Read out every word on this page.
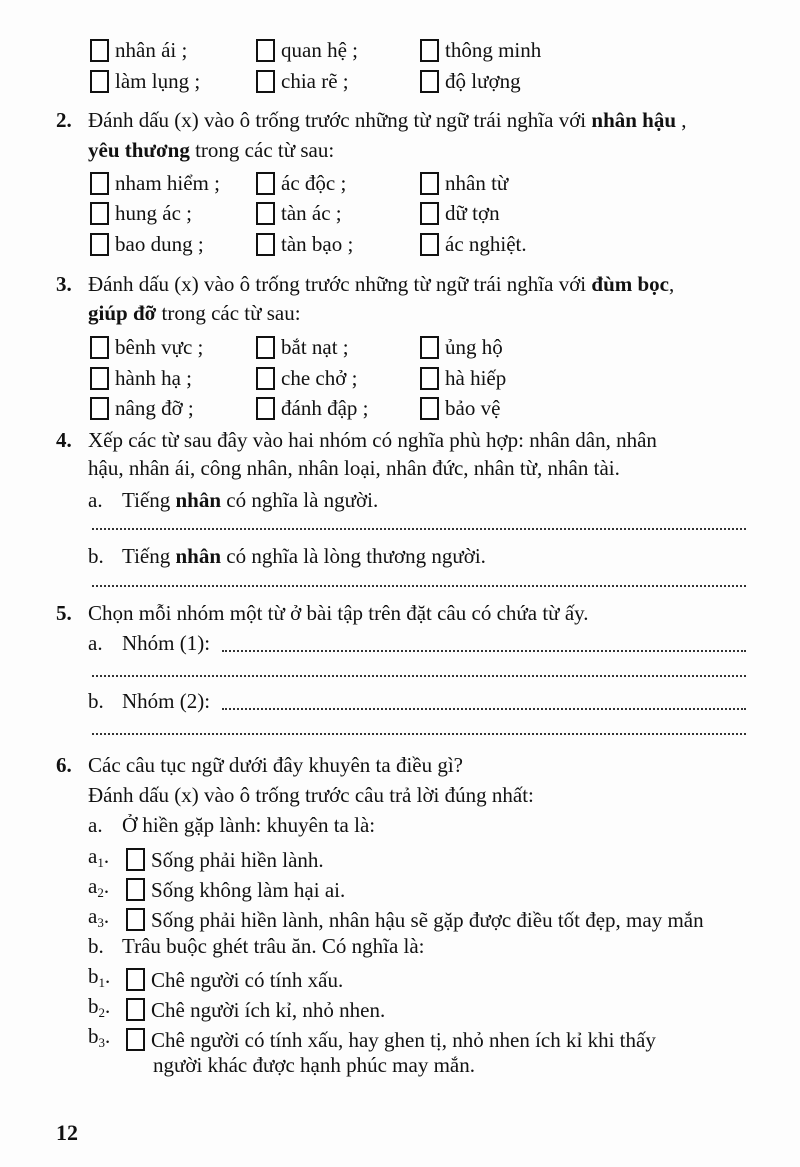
nhân ái ;	quan hệ ;	thông minh
làm lụng ;	chia rẽ ;	độ lượng
2. Đánh dấu (x) vào ô trống trước những từ ngữ trái nghĩa với nhân hậu ,
yêu thương trong các từ sau:
nham hiểm ;	ác độc ;	nhân từ
hung ác ;	tàn ác ;	dữ tợn
bao dung ;	tàn bạo ;	ác nghiệt.
3. Đánh dấu (x) vào ô trống trước những từ ngữ trái nghĩa với đùm bọc,
giúp đỡ trong các từ sau:
bênh vực ;	bắt nạt ;	ủng hộ
hành hạ ;	che chở ;	hà hiếp
nâng đỡ ;	đánh đập ;	bảo vệ
4. Xếp các từ sau đây vào hai nhóm có nghĩa phù hợp: nhân dân, nhân
hậu, nhân ái, công nhân, nhân loại, nhân đức, nhân từ, nhân tài.
a. Tiếng nhân có nghĩa là người.
b. Tiếng nhân có nghĩa là lòng thương người.
5. Chọn mỗi nhóm một từ ở bài tập trên đặt câu có chứa từ ấy.
a. Nhóm (1):
b. Nhóm (2):
6. Các câu tục ngữ dưới đây khuyên ta điều gì?
Đánh dấu (x) vào ô trống trước câu trả lời đúng nhất:
a. Ở hiền gặp lành: khuyên ta là:
$a_1$.	Sống phải hiền lành.
$a_2$.	Sống không làm hại ai.
$a_3$.	Sống phải hiền lành, nhân hậu sẽ gặp được điều tốt đẹp, may mắn
b. Trâu buộc ghét trâu ăn. Có nghĩa là:
$b_1$.	Chê người có tính xấu.
$b_2$.	Chê người ích kỉ, nhỏ nhen.
$b_3$.	Chê người có tính xấu, hay ghen tị, nhỏ nhen ích kỉ khi thấy
người khác được hạnh phúc may mắn.
12
